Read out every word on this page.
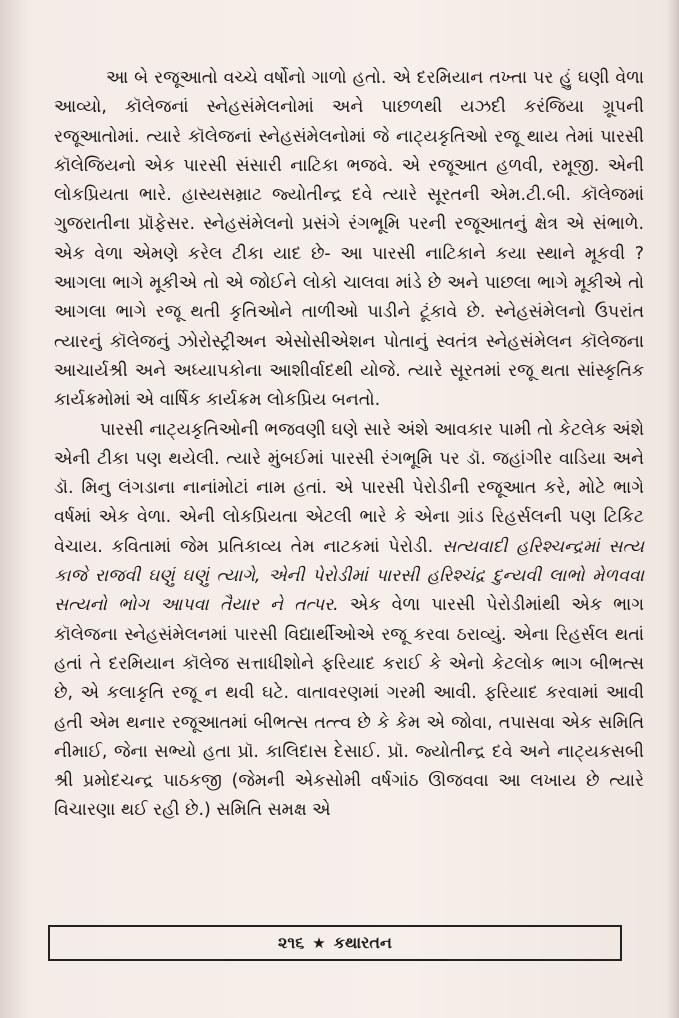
આ બે રજૂઆતો વચ્ચે વર્ષોનો ગાળો હતો. એ દરમિયાન તખ્તા પર હું ઘણી વેળા આવ્યો, કૉલેજનાં સ્નેહસંમેલનોમાં અને પાછળથી યઝદી કરંજિયા ગ્રૂપની રજૂઆતોમાં. ત્યારે કૉલેજનાં સ્નેહસંમેલનોમાં જે નાટ્યકૃતિઓ રજૂ થાય તેમાં પારસી કૉલેજિયનો એક પારસી સંસારી નાટિકા ભજવે. એ રજૂઆત હળવી, રમૂજી. એની લોકપ્રિયતા ભારે. હાસ્યસમ્રાટ જ્યોતીન્દ્ર દવે ત્યારે સૂરતની એમ.ટી.બી. કૉલેજમાં ગુજરાતીના પ્રૉફેસર. સ્નેહસંમેલનો પ્રસંગે રંગભૂમિ પરની રજૂઆતનું ક્ષેત્ર એ સંભાળે. એક વેળા એમણે કરેલ ટીકા યાદ છે- આ પારસી નાટિકાને કયા સ્થાને મૂકવી ? આગલા ભાગે મૂકીએ તો એ જોઈને લોકો ચાલવા માંડે છે અને પાછલા ભાગે મૂકીએ તો આગલા ભાગે રજૂ થતી કૃતિઓને તાળીઓ પાડીને ટૂંકાવે છે. સ્નેહસંમેલનો ઉપરાંત ત્યારનું કૉલેજનું ઝોરોસ્ટ્રીઅન એસોસીએશન પોતાનું સ્વતંત્ર સ્નેહસંમેલન કૉલેજના આચાર્યશ્રી અને અધ્યાપકોના આશીર્વાદથી યોજે. ત્યારે સૂરતમાં રજૂ થતા સાંસ્કૃતિક કાર્યક્રમોમાં એ વાર્ષિક કાર્યક્રમ લોકપ્રિય બનતો.

પારસી નાટ્યકૃતિઓની ભજવણી ઘણે સારે અંશે આવકાર પામી તો કેટલેક અંશે એની ટીકા પણ થયેલી. ત્યારે મુંબઈમાં પારસી રંગભૂમિ પર ડૉ. જહાંગીર વાડિયા અને ડૉ. મિનુ લંગડાના નાનાંમોટાં નામ હતાં. એ પારસી પેરોડીની રજૂઆત કરે, મોટે ભાગે વર્ષમાં એક વેળા. એની લોકપ્રિયતા એટલી ભારે કે એના ગ્રાંડ રિહર્સલની પણ ટિકિટ વેચાય. કવિતામાં જેમ પ્રતિકાવ્ય તેમ નાટકમાં પેરોડી. સત્યવાદી હરિશ્ચન્દ્રમાં સત્ય કાજે રાજવી ઘણું ઘણું ત્યાગે, એની પેરોડીમાં પારસી હરિશ્ચંદ્ર દુન્યવી લાભો મેળવવા સત્યનો ભોગ આપવા તૈયાર ને તત્પર. એક વેળા પારસી પેરોડીમાંથી એક ભાગ કૉલેજના સ્નેહસંમેલનમાં પારસી વિદ્યાર્થીઓએ રજૂ કરવા ઠરાવ્યું. એના રિહર્સલ થતાં હતાં તે દરમિયાન કૉલેજ સત્તાધીશોને ફરિયાદ કરાઈ કે એનો કેટલોક ભાગ બીભત્સ છે, એ કલાકૃતિ રજૂ ન થવી ઘટે. વાતાવરણમાં ગરમી આવી. ફરિયાદ કરવામાં આવી હતી એમ થનાર રજૂઆતમાં બીભત્સ તત્ત્વ છે કે કેમ એ જોવા, તપાસવા એક સમિતિ નીમાઈ, જેના સભ્યો હતા પ્રૉ. કાલિદાસ દેસાઈ. પ્રૉ. જ્યોતીન્દ્ર દવે અને નાટ્યકસબી શ્રી પ્રમોદચન્દ્ર પાઠકજી (જેમની એકસોમી વર્ષગાંઠ ઊજવવા આ લખાય છે ત્યારે વિચારણા થઈ રહી છે.) સમિતિ સમક્ષ એ

૨૧૬ ★ કથારતન
